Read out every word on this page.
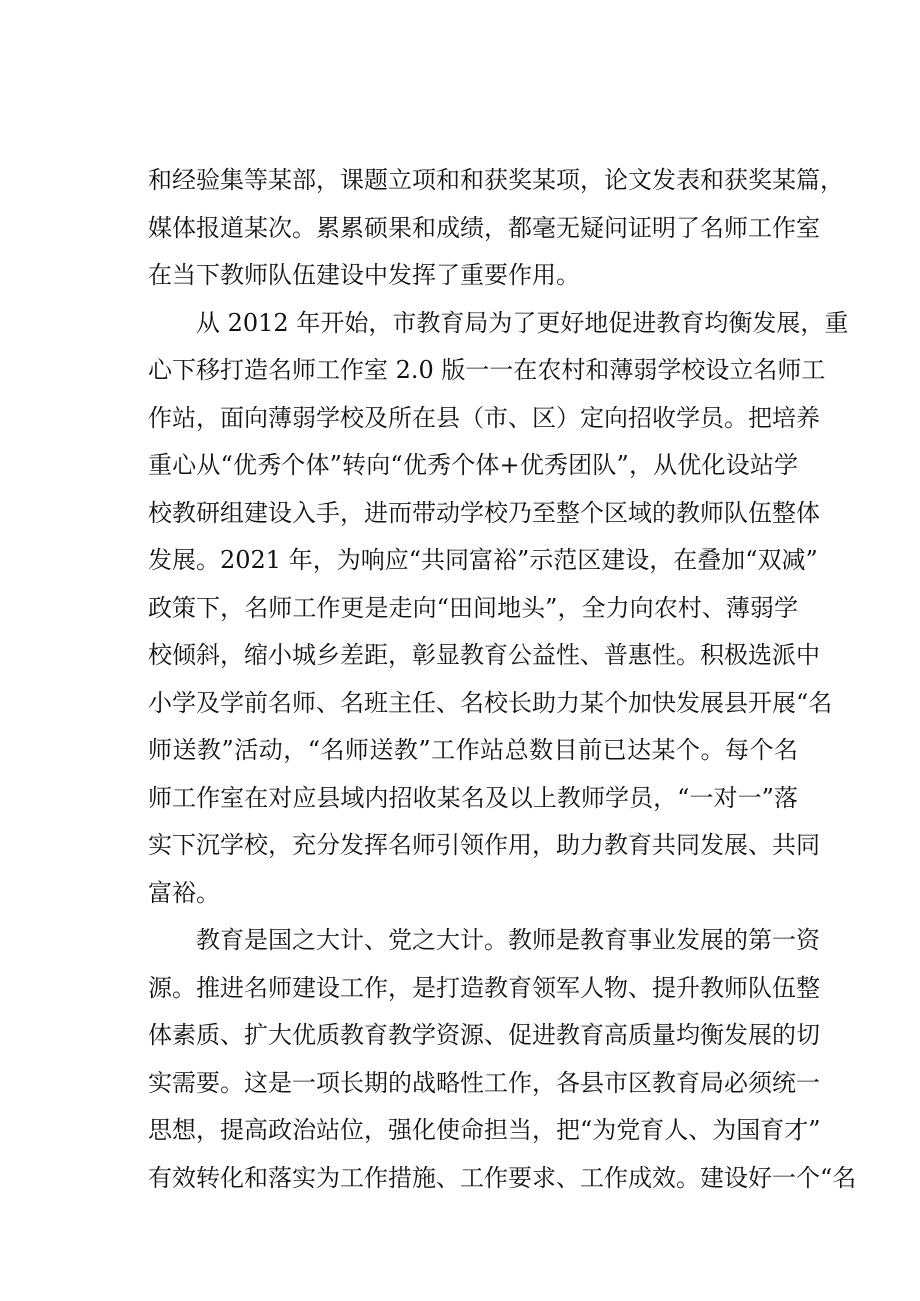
和经验集等某部，课题立项和和获奖某项，论文发表和获奖某篇，
媒体报道某次。累累硕果和成绩，都毫无疑问证明了名师工作室
在当下教师队伍建设中发挥了重要作用。
从 2012 年开始，市教育局为了更好地促进教育均衡发展，重
心下移打造名师工作室 2.0 版一一在农村和薄弱学校设立名师工
作站，面向薄弱学校及所在县（市、区）定向招收学员。把培养
重心从“优秀个体”转向“优秀个体+优秀团队”，从优化设站学
校教研组建设入手，进而带动学校乃至整个区域的教师队伍整体
发展。2021 年，为响应“共同富裕”示范区建设，在叠加“双减”
政策下，名师工作更是走向“田间地头”，全力向农村、薄弱学
校倾斜，缩小城乡差距，彰显教育公益性、普惠性。积极选派中
小学及学前名师、名班主任、名校长助力某个加快发展县开展“名
师送教”活动，“名师送教”工作站总数目前已达某个。每个名
师工作室在对应县域内招收某名及以上教师学员，“一对一”落
实下沉学校，充分发挥名师引领作用，助力教育共同发展、共同
富裕。
教育是国之大计、党之大计。教师是教育事业发展的第一资
源。推进名师建设工作，是打造教育领军人物、提升教师队伍整
体素质、扩大优质教育教学资源、促进教育高质量均衡发展的切
实需要。这是一项长期的战略性工作，各县市区教育局必须统一
思想，提高政治站位，强化使命担当，把“为党育人、为国育才”
有效转化和落实为工作措施、工作要求、工作成效。建设好一个“名
